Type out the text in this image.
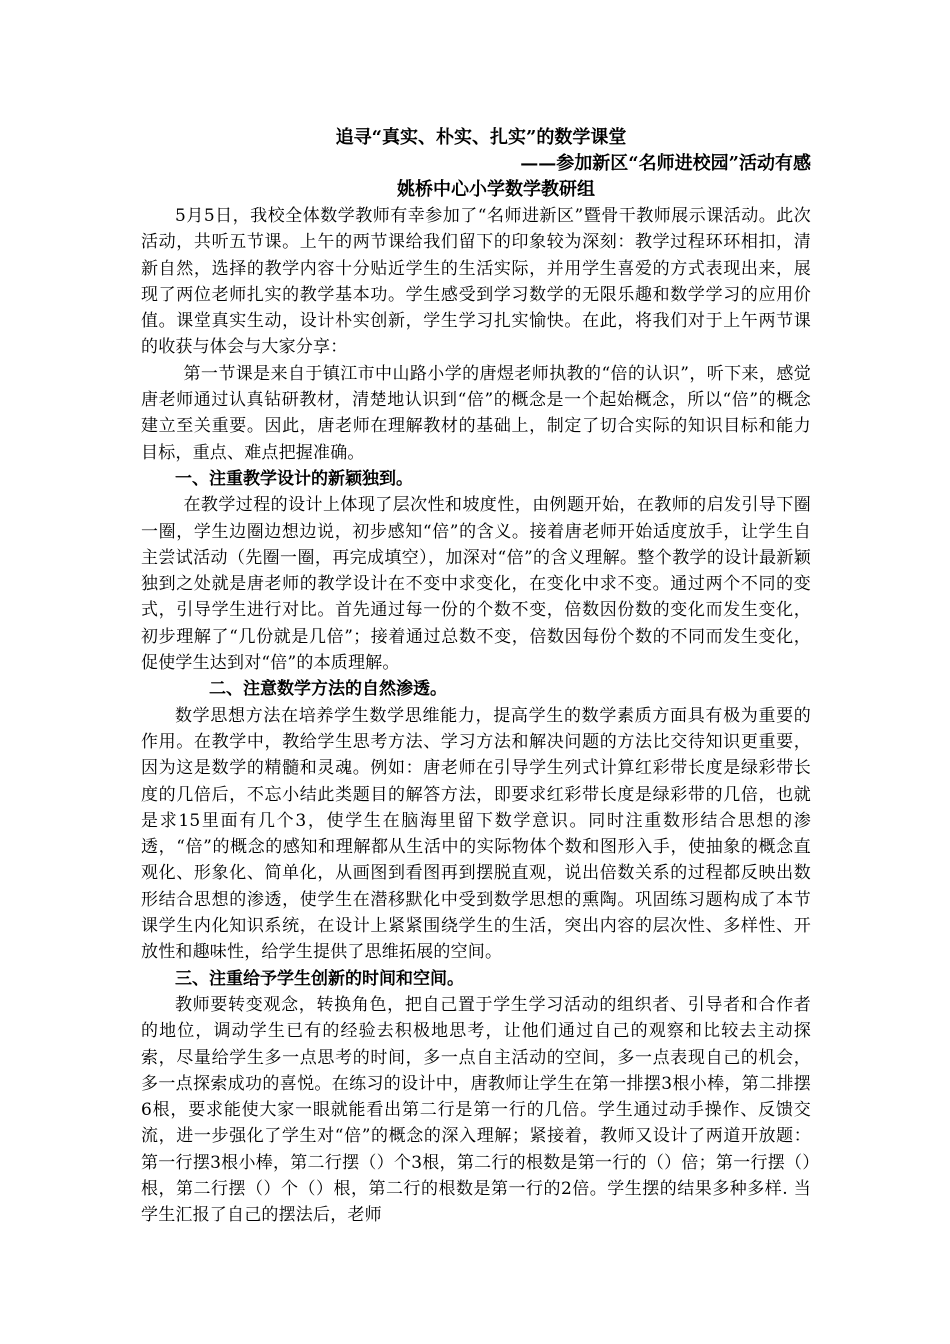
追寻“真实、朴实、扎实”的数学课堂

——参加新区“名师进校园”活动有感

姚桥中心小学数学教研组

5月5日，我校全体数学教师有幸参加了“名师进新区”暨骨干教师展示课活动。此次活动，共听五节课。上午的两节课给我们留下的印象较为深刻：教学过程环环相扣，清新自然，选择的教学内容十分贴近学生的生活实际，并用学生喜爱的方式表现出来，展现了两位老师扎实的教学基本功。学生感受到学习数学的无限乐趣和数学学习的应用价值。课堂真实生动，设计朴实创新，学生学习扎实愉快。在此，将我们对于上午两节课的收获与体会与大家分享：

第一节课是来自于镇江市中山路小学的唐煜老师执教的“倍的认识”，听下来，感觉唐老师通过认真钻研教材，清楚地认识到“倍”的概念是一个起始概念，所以“倍”的概念建立至关重要。因此，唐老师在理解教材的基础上，制定了切合实际的知识目标和能力目标，重点、难点把握准确。

一、注重教学设计的新颖独到。

在教学过程的设计上体现了层次性和坡度性，由例题开始，在教师的启发引导下圈一圈，学生边圈边想边说，初步感知“倍”的含义。接着唐老师开始适度放手，让学生自主尝试活动（先圈一圈，再完成填空），加深对“倍”的含义理解。整个教学的设计最新颖独到之处就是唐老师的教学设计在不变中求变化，在变化中求不变。通过两个不同的变式，引导学生进行对比。首先通过每一份的个数不变，倍数因份数的变化而发生变化，初步理解了“几份就是几倍”；接着通过总数不变，倍数因每份个数的不同而发生变化，促使学生达到对“倍”的本质理解。

二、注意数学方法的自然渗透。

数学思想方法在培养学生数学思维能力，提高学生的数学素质方面具有极为重要的作用。在教学中，教给学生思考方法、学习方法和解决问题的方法比交待知识更重要，因为这是数学的精髓和灵魂。例如：唐老师在引导学生列式计算红彩带长度是绿彩带长度的几倍后，不忘小结此类题目的解答方法，即要求红彩带长度是绿彩带的几倍，也就是求15里面有几个3，使学生在脑海里留下数学意识。同时注重数形结合思想的渗透，“倍”的概念的感知和理解都从生活中的实际物体个数和图形入手，使抽象的概念直观化、形象化、简单化，从画图到看图再到摆脱直观，说出倍数关系的过程都反映出数形结合思想的渗透，使学生在潜移默化中受到数学思想的熏陶。巩固练习题构成了本节课学生内化知识系统，在设计上紧紧围绕学生的生活，突出内容的层次性、多样性、开放性和趣味性，给学生提供了思维拓展的空间。

三、注重给予学生创新的时间和空间。

教师要转变观念，转换角色，把自己置于学生学习活动的组织者、引导者和合作者的地位，调动学生已有的经验去积极地思考，让他们通过自己的观察和比较去主动探索，尽量给学生多一点思考的时间，多一点自主活动的空间，多一点表现自己的机会，多一点探索成功的喜悦。在练习的设计中，唐教师让学生在第一排摆3根小棒，第二排摆6根，要求能使大家一眼就能看出第二行是第一行的几倍。学生通过动手操作、反馈交流，进一步强化了学生对“倍”的概念的深入理解；紧接着，教师又设计了两道开放题：第一行摆3根小棒，第二行摆（）个3根，第二行的根数是第一行的（）倍；第一行摆（）根，第二行摆（）个（）根，第二行的根数是第一行的2倍。学生摆的结果多种多样. 当学生汇报了自己的摆法后，老师
